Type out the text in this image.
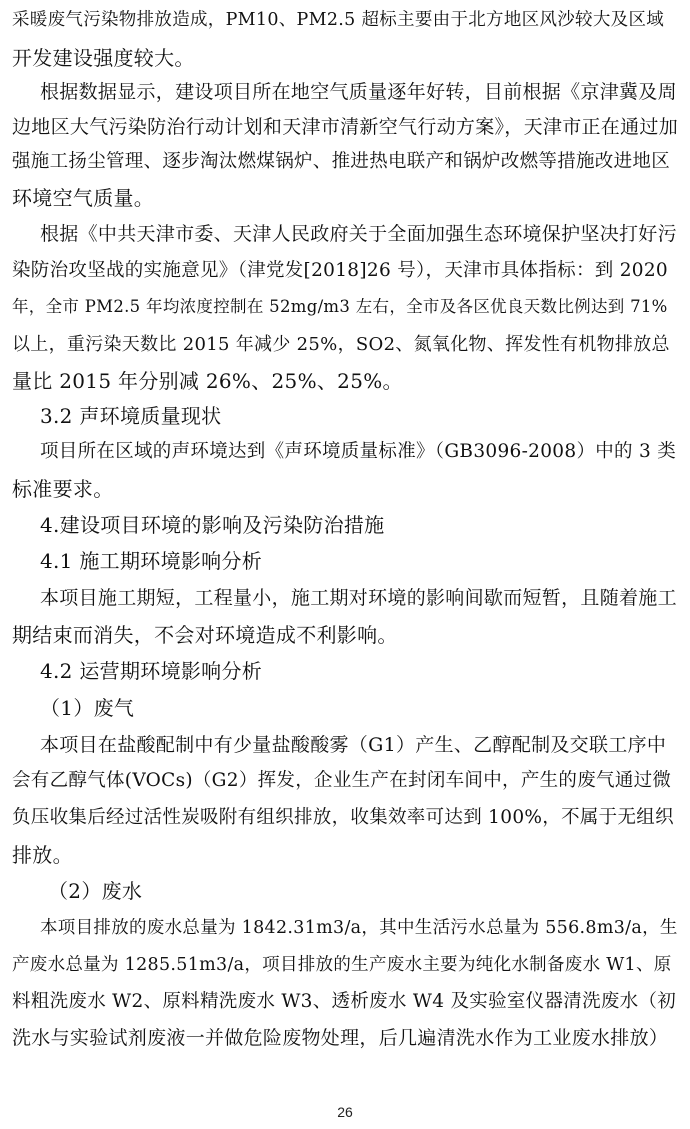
采暖废气污染物排放造成，PM10、PM2.5 超标主要由于北方地区风沙较大及区域
开发建设强度较大。
根据数据显示，建设项目所在地空气质量逐年好转，目前根据《京津冀及周
边地区大气污染防治行动计划和天津市清新空气行动方案》，天津市正在通过加
强施工扬尘管理、逐步淘汰燃煤锅炉、推进热电联产和锅炉改燃等措施改进地区
环境空气质量。
根据《中共天津市委、天津人民政府关于全面加强生态环境保护坚决打好污
染防治攻坚战的实施意见》（津党发[2018]26 号），天津市具体指标：到 2020
年，全市 PM2.5 年均浓度控制在 52mg/m3 左右，全市及各区优良天数比例达到 71%
以上，重污染天数比 2015 年减少 25%，SO2、氮氧化物、挥发性有机物排放总
量比 2015 年分别减 26%、25%、25%。
3.2 声环境质量现状
项目所在区域的声环境达到《声环境质量标准》（GB3096-2008）中的 3 类
标准要求。
4.建设项目环境的影响及污染防治措施
4.1 施工期环境影响分析
本项目施工期短，工程量小，施工期对环境的影响间歇而短暂，且随着施工
期结束而消失，不会对环境造成不利影响。
4.2 运营期环境影响分析
（1）废气
本项目在盐酸配制中有少量盐酸酸雾（G1）产生、乙醇配制及交联工序中
会有乙醇气体(VOCs)（G2）挥发，企业生产在封闭车间中，产生的废气通过微
负压收集后经过活性炭吸附有组织排放，收集效率可达到 100%，不属于无组织
排放。
（2）废水
本项目排放的废水总量为 1842.31m3/a，其中生活污水总量为 556.8m3/a，生
产废水总量为 1285.51m3/a，项目排放的生产废水主要为纯化水制备废水 W1、原
料粗洗废水 W2、原料精洗废水 W3、透析废水 W4 及实验室仪器清洗废水（初
洗水与实验试剂废液一并做危险废物处理，后几遍清洗水作为工业废水排放）
26
